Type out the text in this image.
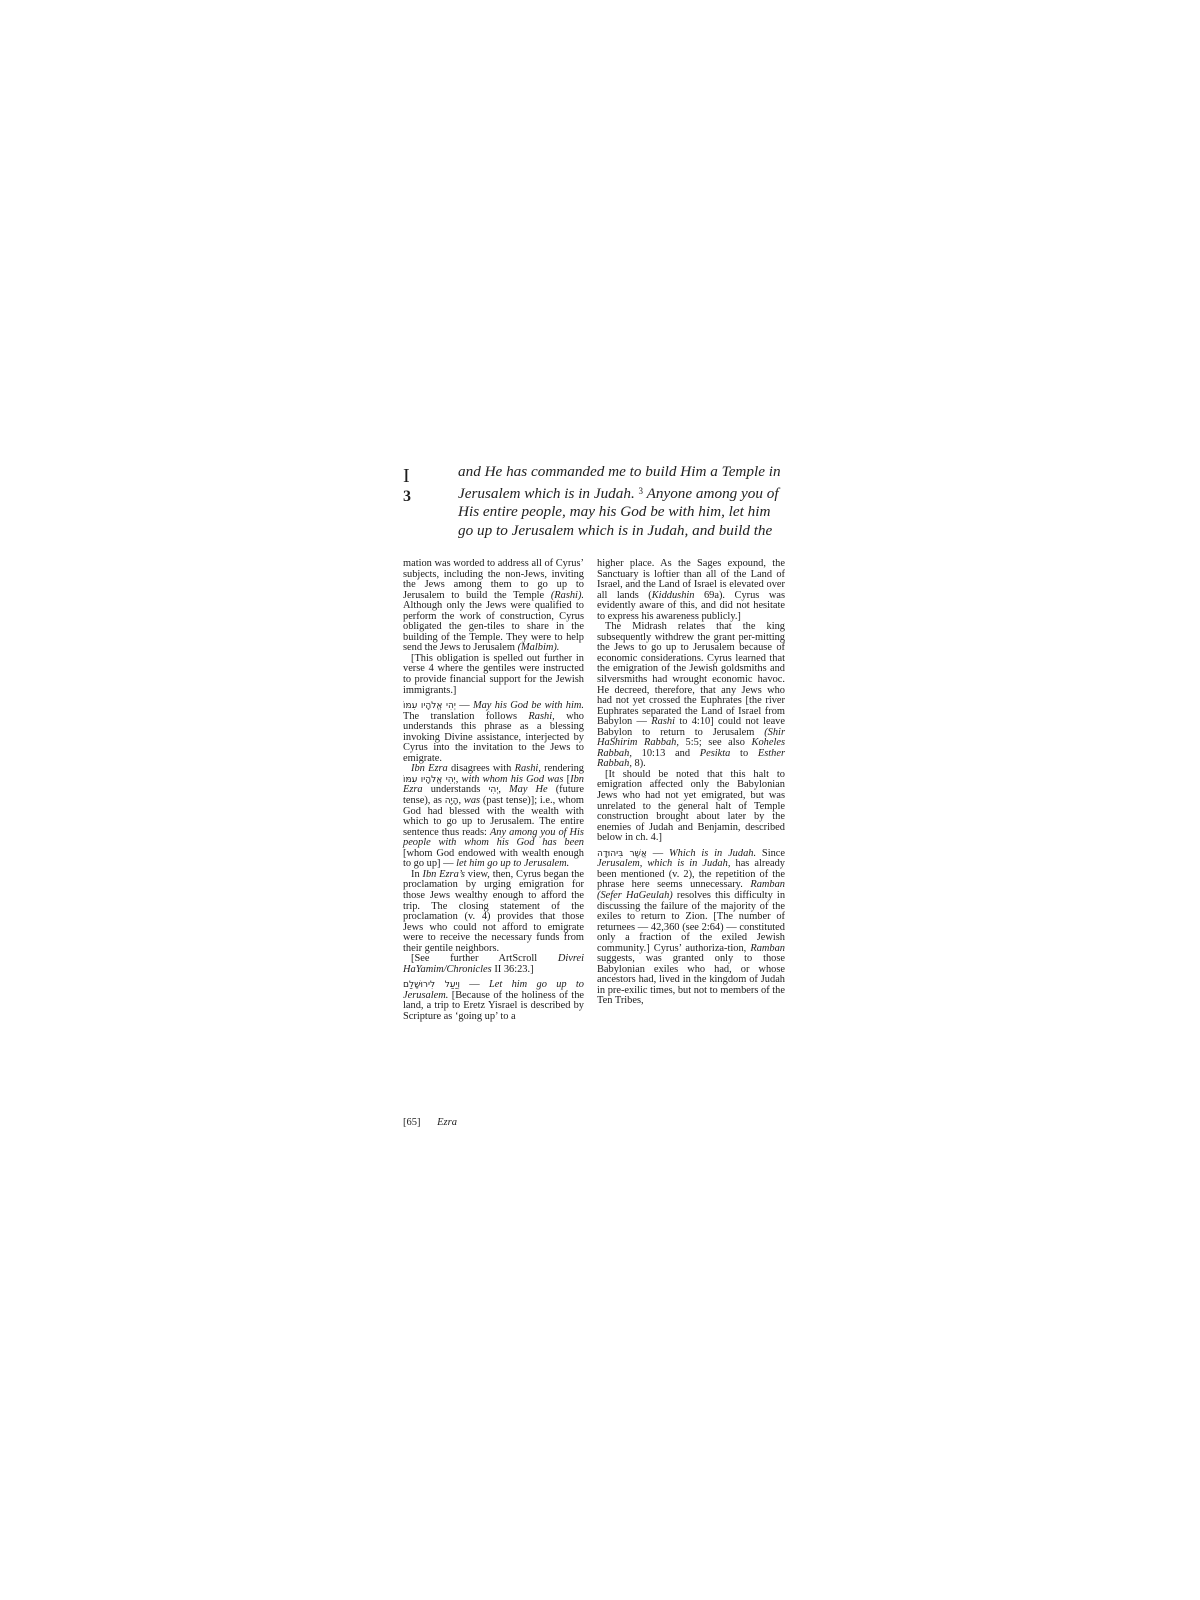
I
3
and He has commanded me to build Him a Temple in
Jerusalem which is in Judah. $^3$ Anyone among you of
His entire people, may his God be with him, let him
go up to Jerusalem which is in Judah, and build the

mation was worded to address all of Cyrus’ subjects, including the non-Jews, inviting the Jews among them to go up to Jerusalem to build the Temple (Rashi). Although only the Jews were qualified to perform the work of construction, Cyrus obligated the gen-tiles to share in the building of the Temple. They were to help send the Jews to Jerusalem (Malbim).

[This obligation is spelled out further in verse 4 where the gentiles were instructed to provide financial support for the Jewish immigrants.]

יְהִי אֱלֹהָיו עִמּוֹ — May his God be with him. The translation follows Rashi, who understands this phrase as a blessing invoking Divine assistance, interjected by Cyrus into the invitation to the Jews to emigrate.

Ibn Ezra disagrees with Rashi, rendering יְהִי אֱלֹהָיו עִמּוֹ, with whom his God was [Ibn Ezra understands יְהִי, May He (future tense), as הָיָה, was (past tense)]; i.e., whom God had blessed with the wealth with which to go up to Jerusalem. The entire sentence thus reads: Any among you of His people with whom his God has been [whom God endowed with wealth enough to go up] — let him go up to Jerusalem.

In Ibn Ezra’s view, then, Cyrus began the proclamation by urging emigration for those Jews wealthy enough to afford the trip. The closing statement of the proclamation (v. 4) provides that those Jews who could not afford to emigrate were to receive the necessary funds from their gentile neighbors.

[See further ArtScroll Divrei HaYamim/Chronicles II 36:23.]

וְיַעַל לִירוּשָׁלִַם — Let him go up to Jerusalem. [Because of the holiness of the land, a trip to Eretz Yisrael is described by Scripture as ‘going up’ to a

higher place. As the Sages expound, the Sanctuary is loftier than all of the Land of Israel, and the Land of Israel is elevated over all lands (Kiddushin 69a). Cyrus was evidently aware of this, and did not hesitate to express his awareness publicly.]

The Midrash relates that the king subsequently withdrew the grant per-mitting the Jews to go up to Jerusalem because of economic considerations. Cyrus learned that the emigration of the Jewish goldsmiths and silversmiths had wrought economic havoc. He decreed, therefore, that any Jews who had not yet crossed the Euphrates [the river Euphrates separated the Land of Israel from Babylon — Rashi to 4:10] could not leave Babylon to return to Jerusalem (Shir HaShirim Rabbah, 5:5; see also Koheles Rabbah, 10:13 and Pesikta to Esther Rabbah, 8).

[It should be noted that this halt to emigration affected only the Babylonian Jews who had not yet emigrated, but was unrelated to the general halt of Temple construction brought about later by the enemies of Judah and Benjamin, described below in ch. 4.]

אֲשֶׁר בִּיהוּדָה — Which is in Judah. Since Jerusalem, which is in Judah, has already been mentioned (v. 2), the repetition of the phrase here seems unnecessary. Ramban (Sefer HaGeulah) resolves this difficulty in discussing the failure of the majority of the exiles to return to Zion. [The number of returnees — 42,360 (see 2:64) — constituted only a fraction of the exiled Jewish community.] Cyrus’ authoriza-tion, Ramban suggests, was granted only to those Babylonian exiles who had, or whose ancestors had, lived in the kingdom of Judah in pre-exilic times, but not to members of the Ten Tribes,

[65] Ezra
